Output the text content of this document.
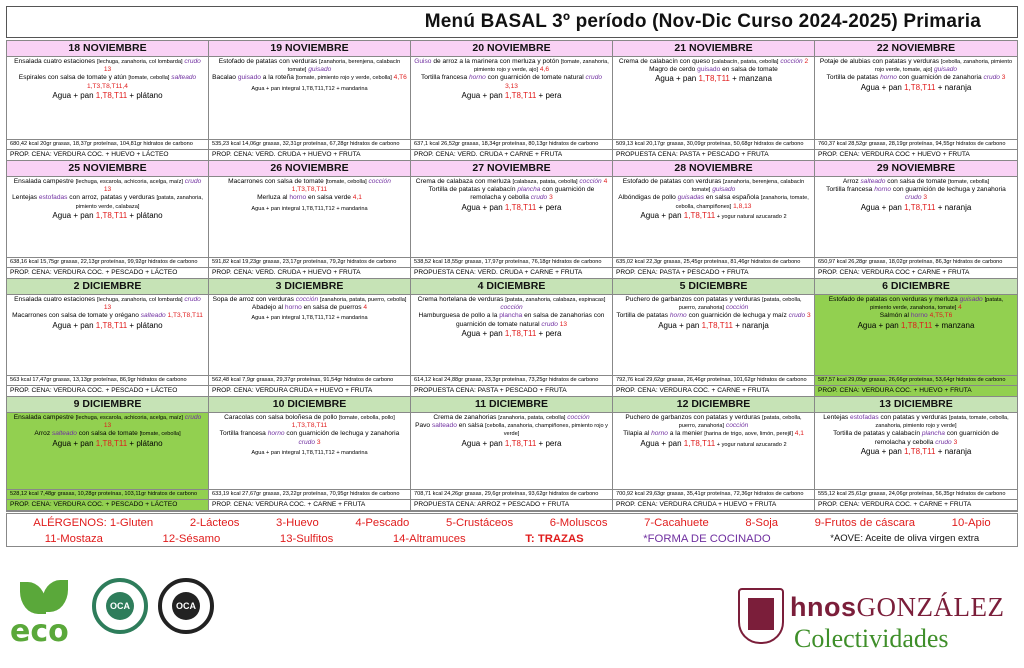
Menú BASAL 3º período (Nov-Dic Curso 2024-2025) Primaria
18 NOVIEMBRE
Ensalada cuatro estaciones [lechuga, zanahoria, col lombarda] crudo 13
Espirales con salsa de tomate y atún [tomate, cebolla] salteado 1,T3,T8,T11,4
Agua + pan 1,T8,T11 + plátano
680,42 kcal 20gr grasas, 18,37gr proteínas, 104,81gr hidratos de carbono
PROP. CENA: VERDURA COC. + HUEVO + LÁCTEO
19 NOVIEMBRE
Estofado de patatas con verduras [zanahoria, berenjena, calabacín tomate] guisado
Bacalao guisado a la roteña [tomate, pimiento rojo y verde, cebolla] 4,T6
Agua + pan integral 1,T8,T11,T12 + mandarina
535,23 kcal 14,06gr grasas, 32,31gr proteínas, 67,28gr hidratos de carbono
PROP. CENA: VERD. CRUDA + HUEVO + FRUTA
20 NOVIEMBRE
Guiso de arroz a la marinera con merluza y potón [tomate, zanahoria, pimiento rojo y verde, ajo] 4,6
Tortilla francesa horno con guarnición de tomate natural crudo 3,13
Agua + pan 1,T8,T11 + pera
637,1 kcal 26,52gr grasas, 18,34gr proteínas, 80,13gr hidratos de carbono
PROP. CENA: VERD. CRUDA + CARNE + FRUTA
21 NOVIEMBRE
Crema de calabacín con queso [calabacín, patata, cebolla] cocción 2
Magro de cerdo guisado en salsa de tomate
Agua + pan 1,T8,T11 + manzana
509,13 kcal 20,17gr grasas, 30,09gr proteínas, 50,68gr hidratos de carbono
PROPUESTA CENA: PASTA + PESCADO + FRUTA
22 NOVIEMBRE
Potaje de alubias con patatas y verduras [cebolla, zanahoria, pimiento rojo verde, tomate, ajo] guisado
Tortilla de patatas horno con guarnición de zanahoria crudo 3
Agua + pan 1,T8,T11 + naranja
760,37 kcal 28,52gr grasas, 28,19gr proteínas, 94,55gr hidratos de carbono
PROP. CENA: VERDURA COC + HUEVO + FRUTA
25 NOVIEMBRE
Ensalada campestre [lechuga, escarola, achicoria, acelga, maíz] crudo 13
Lentejas estofadas con arroz, patatas y verduras [patata, zanahoria, pimiento verde, calabaza]
Agua + pan 1,T8,T11 + plátano
638,16 kcal 15,75gr grasas, 22,13gr proteínas, 99,92gr hidratos de carbono
PROP. CENA: VERDURA COC. + PESCADO + LÁCTEO
26 NOVIEMBRE
Macarrones con salsa de tomate [tomate, cebolla] cocción 1,T3,T8,T11
Merluza al horno en salsa verde 4,1
Agua + pan integral 1,T8,T11,T12 + mandarina
591,82 kcal 19,23gr grasas, 23,17gr proteínas, 79,2gr hidratos de carbono
PROP. CENA: VERD. CRUDA + HUEVO + FRUTA
27 NOVIEMBRE
Crema de calabaza con merluza [calabaza, patata, cebolla] cocción 4
Tortilla de patatas y calabacín plancha con guarnición de remolacha y cebolla crudo 3
Agua + pan 1,T8,T11 + pera
538,52 kcal 18,55gr grasas, 17,97gr proteínas, 76,18gr hidratos de carbono
PROPUESTA CENA: VERD. CRUDA + CARNE + FRUTA
28 NOVIEMBRE
Estofado de patatas con verduras [zanahoria, berenjena, calabacín tomate] guisado
Albóndigas de pollo guisadas en salsa española [zanahoria, tomate, cebolla, champiñones] 1,8,13
Agua + pan 1,T8,T11 + yogur natural azucarado 2
635,02 kcal 22,3gr grasas, 25,45gr proteínas, 81,46gr hidratos de carbono
PROP. CENA: PASTA + PESCADO + FRUTA
29 NOVIEMBRE
Arroz salteado con salsa de tomate [tomate, cebolla]
Tortilla francesa horno con guarnición de lechuga y zanahoria crudo 3
Agua + pan 1,T8,T11 + naranja
650,97 kcal 26,28gr grasas, 18,02gr proteínas, 86,3gr hidratos de carbono
PROP. CENA: VERDURA COC + CARNE + FRUTA
2 DICIEMBRE
Ensalada cuatro estaciones [lechuga, zanahoria, col lombarda] crudo 13
Macarrones con salsa de tomate y orégano salteado 1,T3,T8,T11
Agua + pan 1,T8,T11 + plátano
563 kcal 17,47gr grasas, 13,13gr proteínas, 86,9gr hidratos de carbono
PROP. CENA: VERDURA COC. + PESCADO + LÁCTEO
3 DICIEMBRE
Sopa de arroz con verduras cocción [zanahoria, patata, puerro, cebolla]
Abadejo al horno en salsa de puerros 4
Agua + pan integral 1,T8,T11,T12 + mandarina
562,48 kcal 7,9gr grasas, 29,37gr proteínas, 91,54gr hidratos de carbono
PROP. CENA: VERDURA CRUDA + HUEVO + FRUTA
4 DICIEMBRE
Crema hortelana de verduras [patata, zanahoria, calabaza, espinacas] cocción
Hamburguesa de pollo a la plancha en salsa de zanahorias con guarnición de tomate natural crudo 13
Agua + pan 1,T8,T11 + pera
614,12 kcal 24,88gr grasas, 23,3gr proteínas, 73,25gr hidratos de carbono
PROPUESTA CENA: PASTA + PESCADO + FRUTA
5 DICIEMBRE
Puchero de garbanzos con patatas y verduras [patata, cebolla, puerro, zanahoria] cocción
Tortilla de patatas horno con guarnición de lechuga y maíz crudo 3
Agua + pan 1,T8,T11 + naranja
792,76 kcal 29,62gr grasas, 26,46gr proteínas, 101,62gr hidratos de carbono
PROP. CENA: VERDURA COC. + CARNE + FRUTA
6 DICIEMBRE
Estofado de patatas con verduras y merluza guisado [patata, pimiento verde, zanahoria, tomate] 4
Salmón al horno 4,T5,T6
Agua + pan 1,T8,T11 + manzana
587,57 kcal 29,09gr grasas, 26,66gr proteínas, 53,64gr hidratos de carbono
PROP. CENA: VERDURA COC. + HUEVO + FRUTA
9 DICIEMBRE
Ensalada campestre [lechuga, escarola, achicoria, acelga, maíz] crudo 13
Arroz salteado con salsa de tomate [tomate, cebolla]
Agua + pan 1,T8,T11 + plátano
528,12 kcal 7,48gr grasas, 10,28gr proteínas, 103,11gr hidratos de carbono
PROP. CENA: VERDURA COC. + PESCADO + LÁCTEO
10 DICIEMBRE
Caracolas con salsa boloñesa de pollo [tomate, cebolla, pollo] 1,T3,T8,T11
Tortilla francesa horno con guarnición de lechuga y zanahoria crudo 3
Agua + pan integral 1,T8,T11,T12 + mandarina
633,19 kcal 27,67gr grasas, 23,22gr proteínas, 70,95gr hidratos de carbono
PROP. CENA: VERDURA COC. + CARNE + FRUTA
11 DICIEMBRE
Crema de zanahorias [zanahoria, patata, cebolla] cocción
Pavo salteado en salsa [cebolla, zanahoria, champiñones, pimiento rojo y verde]
Agua + pan 1,T8,T11 + pera
708,71 kcal 24,26gr grasas, 29,6gr proteínas, 93,62gr hidratos de carbono
PROPUESTA CENA: ARROZ + PESCADO + FRUTA
12 DICIEMBRE
Puchero de garbanzos con patatas y verduras [patata, cebolla, puerro, zanahoria] cocción
Tilapia al horno a la menier [harina de trigo, aove, limón, perejil] 4,1
Agua + pan 1,T8,T11 + yogur natural azucarado 2
700,92 kcal 29,63gr grasas, 35,41gr proteínas, 72,36gr hidratos de carbono
PROP. CENA: VERDURA CRUDA + HUEVO + FRUTA
13 DICIEMBRE
Lentejas estofadas con patatas y verduras [patata, tomate, cebolla, zanahoria, pimiento rojo y verde]
Tortilla de patatas y calabacín plancha con guarnición de remolacha y cebolla crudo 3
Agua + pan 1,T8,T11 + naranja
555,12 kcal 25,61gr grasas, 24,06gr proteínas, 56,35gr hidratos de carbono
PROP. CENA: VERDURA COC. + CARNE + FRUTA
ALÉRGENOS: 1-Gluten	2-Lácteos	3-Huevo	4-Pescado	5-Crustáceos	6-Moluscos	7-Cacahuete	8-Soja	9-Frutos de cáscara	10-Apio
11-Mostaza	12-Sésamo	13-Sulfitos	14-Altramuces	T: TRAZAS	*FORMA DE COCINADO	*AOVE: Aceite de oliva virgen extra
eco
OCA	OCA	hnosGONZÁLEZ
Colectividades
